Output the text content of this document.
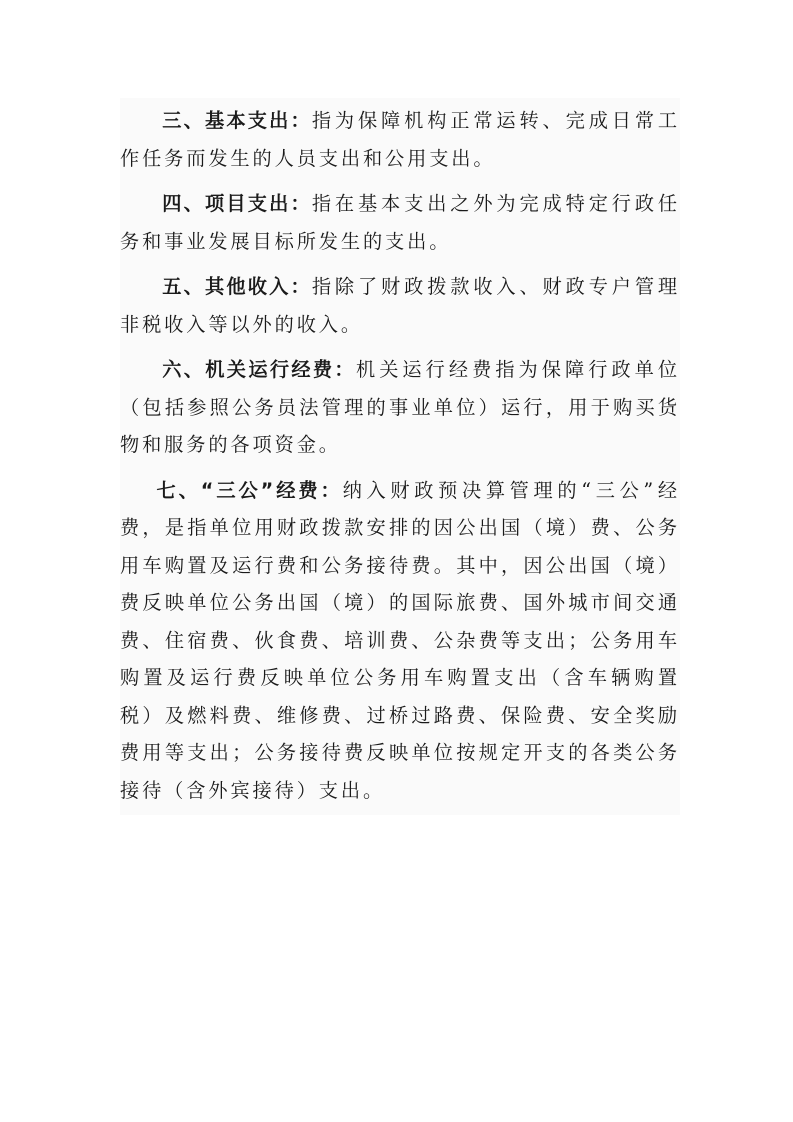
三、基本支出：指为保障机构正常运转、完成日常工作任务而发生的人员支出和公用支出。

四、项目支出：指在基本支出之外为完成特定行政任务和事业发展目标所发生的支出。

五、其他收入：指除了财政拨款收入、财政专户管理非税收入等以外的收入。

六、机关运行经费：机关运行经费指为保障行政单位（包括参照公务员法管理的事业单位）运行，用于购买货物和服务的各项资金。

七、“三公”经费：纳入财政预决算管理的“三公”经费，是指单位用财政拨款安排的因公出国（境）费、公务用车购置及运行费和公务接待费。其中，因公出国（境）费反映单位公务出国（境）的国际旅费、国外城市间交通费、住宿费、伙食费、培训费、公杂费等支出；公务用车购置及运行费反映单位公务用车购置支出（含车辆购置税）及燃料费、维修费、过桥过路费、保险费、安全奖励费用等支出；公务接待费反映单位按规定开支的各类公务接待（含外宾接待）支出。
